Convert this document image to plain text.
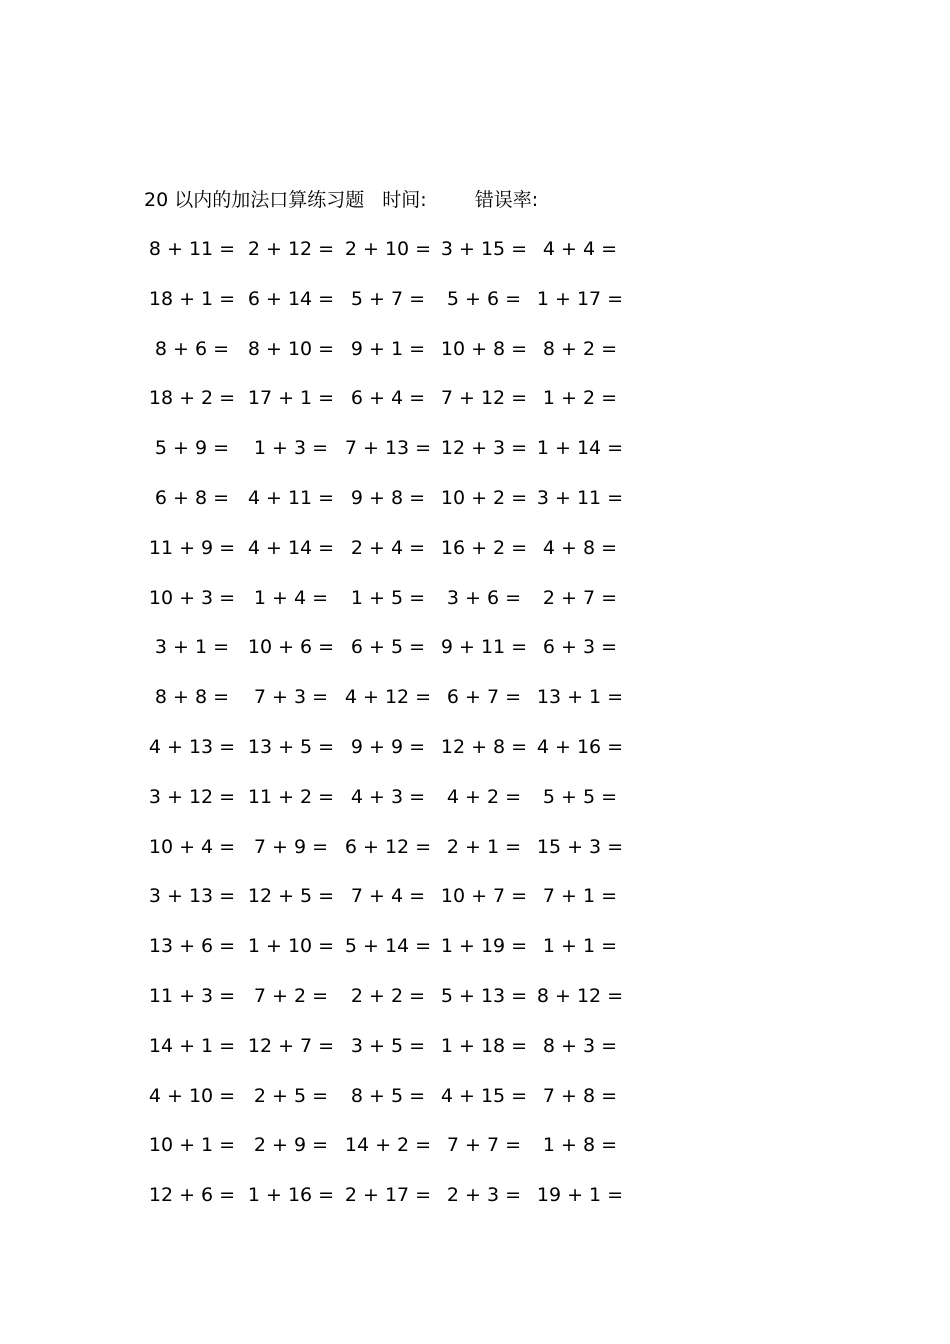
20 以内的加法口算练习题 时间:	错误率:
8 + 11 = 2 + 12 = 2 + 10 = 3 + 15 = 4 + 4 =
18 + 1 = 6 + 14 = 5 + 7 =	5 + 6 = 1 + 17 =
8 + 6 = 8 + 10 = 9 + 1 = 10 + 8 = 8 + 2 =
18 + 2 = 17 + 1 = 6 + 4 = 7 + 12 = 1 + 2 =
5 + 9 =	1 + 3 = 7 + 13 = 12 + 3 = 1 + 14 =
6 + 8 = 4 + 11 = 9 + 8 = 10 + 2 = 3 + 11 =
11 + 9 = 4 + 14 = 2 + 4 = 16 + 2 = 4 + 8 =
10 + 3 = 1 + 4 =	1 + 5 =	3 + 6 =	2 + 7 =
3 + 1 = 10 + 6 = 6 + 5 = 9 + 11 = 6 + 3 =
8 + 8 =	7 + 3 = 4 + 12 = 6 + 7 = 13 + 1 =
4 + 13 = 13 + 5 = 9 + 9 = 12 + 8 = 4 + 16 =
3 + 12 = 11 + 2 = 4 + 3 =	4 + 2 =	5 + 5 =
10 + 4 = 7 + 9 = 6 + 12 = 2 + 1 = 15 + 3 =
3 + 13 = 12 + 5 = 7 + 4 = 10 + 7 = 7 + 1 =
13 + 6 = 1 + 10 = 5 + 14 = 1 + 19 = 1 + 1 =
11 + 3 = 7 + 2 =	2 + 2 = 5 + 13 = 8 + 12 =
14 + 1 = 12 + 7 = 3 + 5 = 1 + 18 = 8 + 3 =
4 + 10 = 2 + 5 =	8 + 5 = 4 + 15 = 7 + 8 =
10 + 1 = 2 + 9 = 14 + 2 = 7 + 7 =	1 + 8 =
12 + 6 = 1 + 16 = 2 + 17 = 2 + 3 = 19 + 1 =
